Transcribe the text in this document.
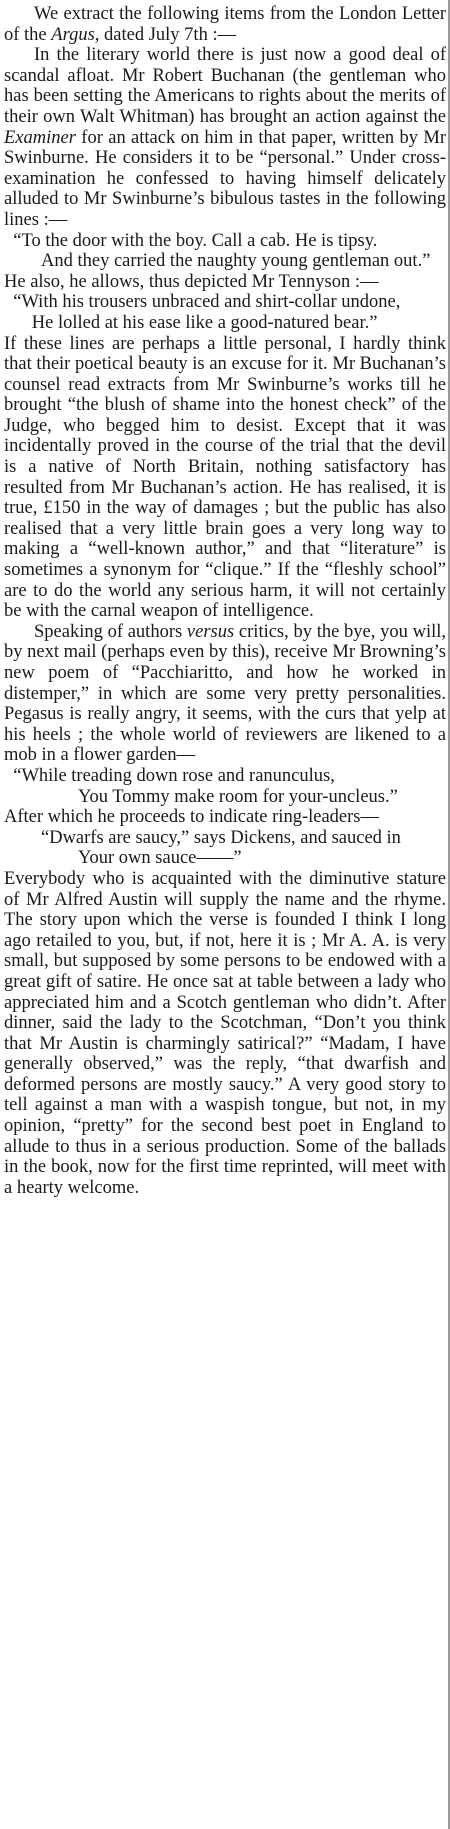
We extract the following items from the London Letter of the Argus, dated July 7th :—

In the literary world there is just now a good deal of scandal afloat. Mr Robert Buchanan (the gentleman who has been setting the Americans to rights about the merits of their own Walt Whitman) has brought an action against the Examiner for an attack on him in that paper, written by Mr Swinburne. He considers it to be “personal.” Under cross-examination he confessed to having himself delicately alluded to Mr Swinburne’s bibulous tastes in the following lines :—

“To the door with the boy. Call a cab. He is tipsy.
And they carried the naughty young gentleman out.”

He also, he allows, thus depicted Mr Tennyson :—

“With his trousers unbraced and shirt-collar undone,
He lolled at his ease like a good-natured bear.”

If these lines are perhaps a little personal, I hardly think that their poetical beauty is an excuse for it. Mr Buchanan’s counsel read extracts from Mr Swinburne’s works till he brought “the blush of shame into the honest check” of the Judge, who begged him to desist. Except that it was incidentally proved in the course of the trial that the devil is a native of North Britain, nothing satisfactory has resulted from Mr Buchanan’s action. He has realised, it is true, £150 in the way of damages ; but the public has also realised that a very little brain goes a very long way to making a “well-known author,” and that “literature” is sometimes a synonym for “clique.” If the “fleshly school” are to do the world any serious harm, it will not certainly be with the carnal weapon of intelligence.

Speaking of authors versus critics, by the bye, you will, by next mail (perhaps even by this), receive Mr Browning’s new poem of “Pacchiaritto, and how he worked in distemper,” in which are some very pretty personalities. Pegasus is really angry, it seems, with the curs that yelp at his heels ; the whole world of reviewers are likened to a mob in a flower garden—

“While treading down rose and ranunculus,
You Tommy make room for your-uncleus.”

After which he proceeds to indicate ring-leaders—

“Dwarfs are saucy,” says Dickens, and sauced in
Your own sauce——”

Everybody who is acquainted with the diminutive stature of Mr Alfred Austin will supply the name and the rhyme. The story upon which the verse is founded I think I long ago retailed to you, but, if not, here it is ; Mr A. A. is very small, but supposed by some persons to be endowed with a great gift of satire. He once sat at table between a lady who appreciated him and a Scotch gentleman who didn’t. After dinner, said the lady to the Scotchman, “Don’t you think that Mr Austin is charmingly satirical?” “Madam, I have generally observed,” was the reply, “that dwarfish and deformed persons are mostly saucy.” A very good story to tell against a man with a waspish tongue, but not, in my opinion, “pretty” for the second best poet in England to allude to thus in a serious production. Some of the ballads in the book, now for the first time reprinted, will meet with a hearty welcome.
